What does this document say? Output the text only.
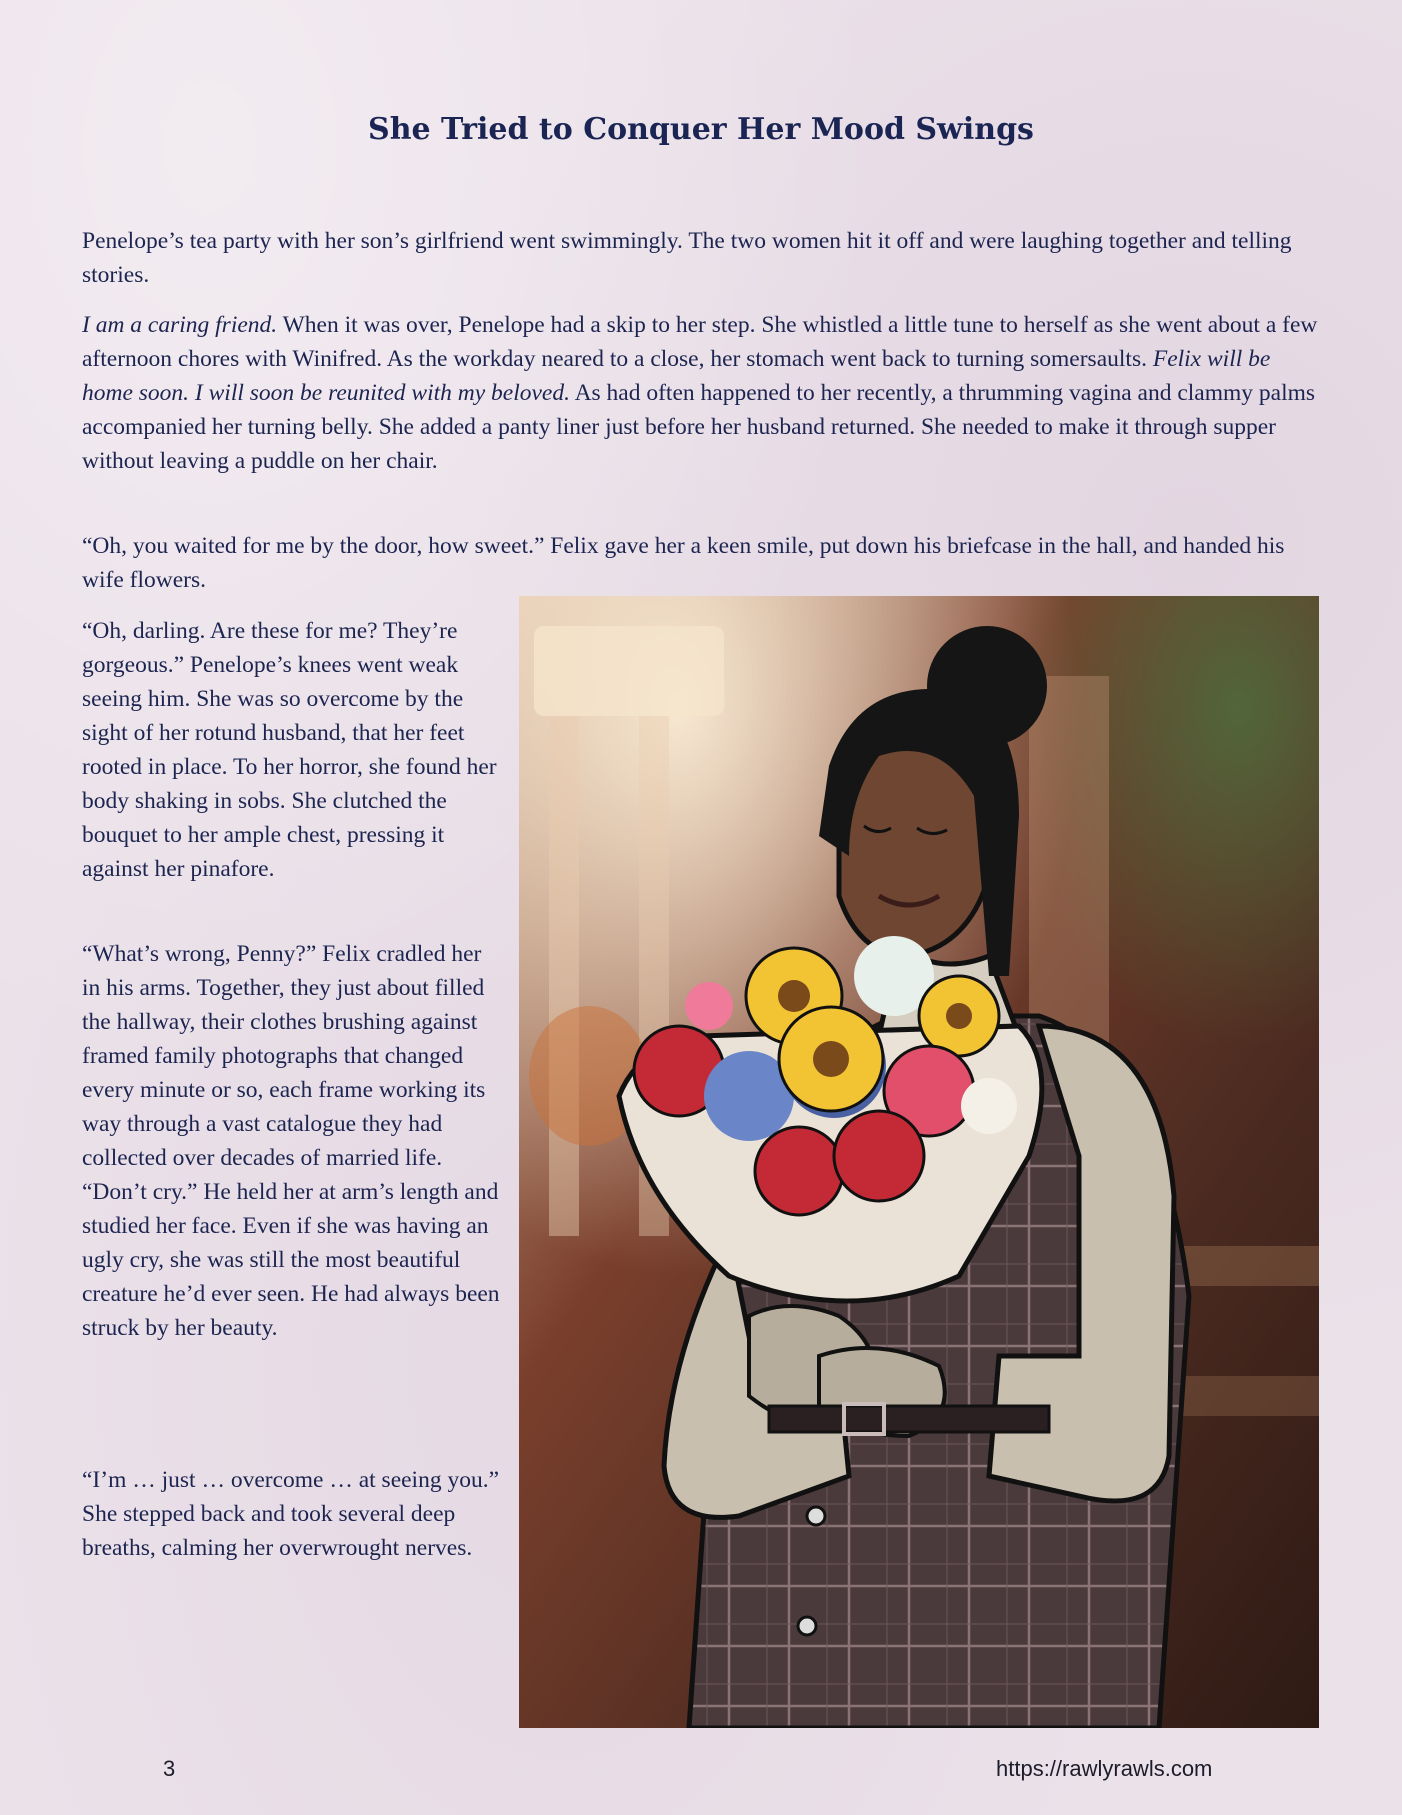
She Tried to Conquer Her Mood Swings

Penelope’s tea party with her son’s girlfriend went swimmingly. The two women hit it off and were laughing together and telling stories.

I am a caring friend. When it was over, Penelope had a skip to her step. She whistled a little tune to herself as she went about a few afternoon chores with Winifred. As the workday neared to a close, her stomach went back to turning somersaults. Felix will be home soon. I will soon be reunited with my beloved. As had often happened to her recently, a thrumming vagina and clammy palms accompanied her turning belly. She added a panty liner just before her husband returned. She needed to make it through supper without leaving a puddle on her chair.

“Oh, you waited for me by the door, how sweet.” Felix gave her a keen smile, put down his briefcase in the hall, and handed his wife flowers.

“Oh, darling. Are these for me? They’re gorgeous.” Penelope’s knees went weak seeing him. She was so overcome by the sight of her rotund husband, that her feet rooted in place. To her horror, she found her body shaking in sobs. She clutched the bouquet to her ample chest, pressing it against her pinafore.

“What’s wrong, Penny?” Felix cradled her in his arms. Together, they just about filled the hallway, their clothes brushing against framed family photographs that changed every minute or so, each frame working its way through a vast catalogue they had collected over decades of married life. “Don’t cry.” He held her at arm’s length and studied her face. Even if she was having an ugly cry, she was still the most beautiful creature he’d ever seen. He had always been struck by her beauty.

“I’m … just … overcome … at seeing you.” She stepped back and took several deep breaths, calming her overwrought nerves.

3	https://rawlyrawls.com
